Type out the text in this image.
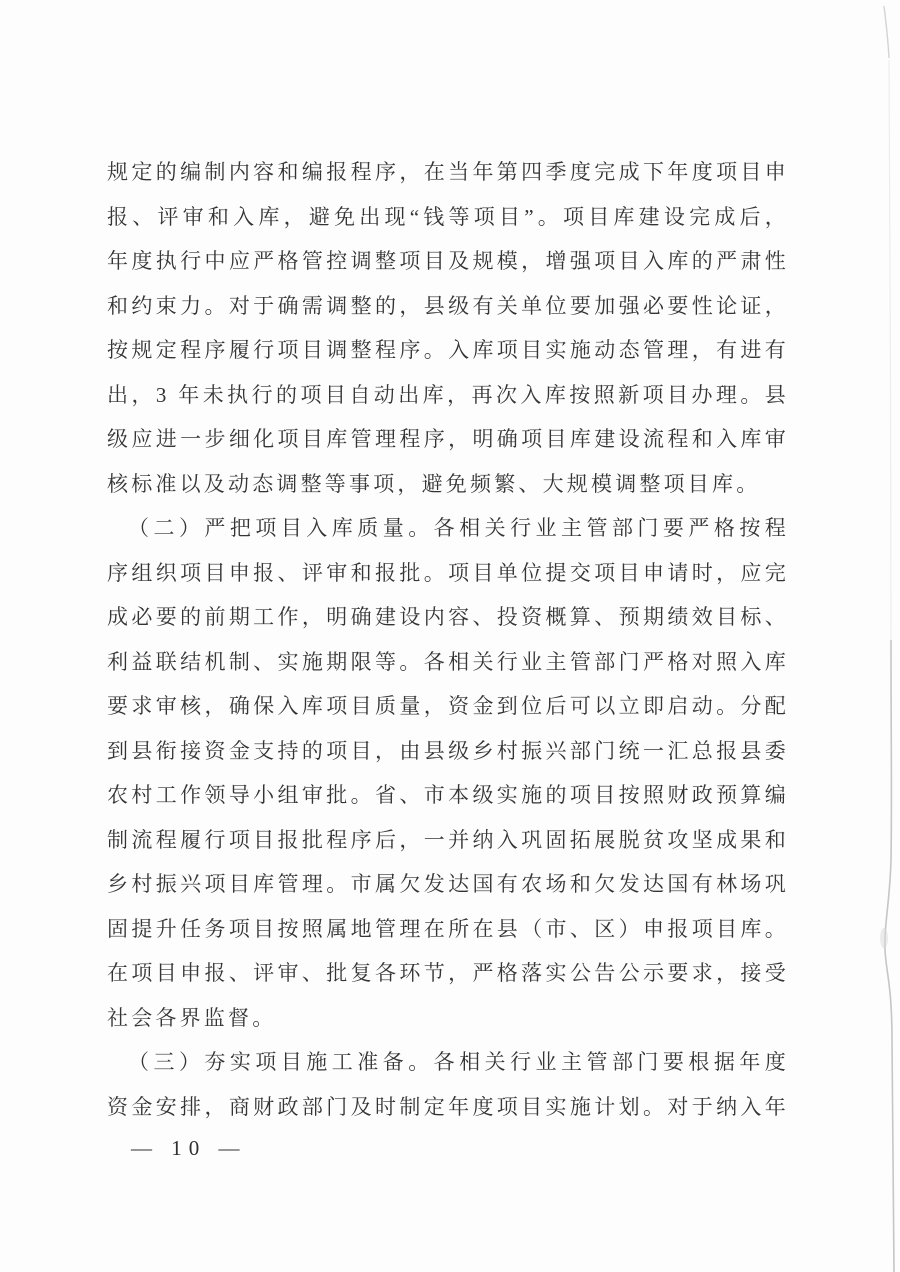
规定的编制内容和编报程序，在当年第四季度完成下年度项目申
报、评审和入库，避免出现“钱等项目”。项目库建设完成后，
年度执行中应严格管控调整项目及规模，增强项目入库的严肃性
和约束力。对于确需调整的，县级有关单位要加强必要性论证，
按规定程序履行项目调整程序。入库项目实施动态管理，有进有
出，3 年未执行的项目自动出库，再次入库按照新项目办理。县
级应进一步细化项目库管理程序，明确项目库建设流程和入库审
核标准以及动态调整等事项，避免频繁、大规模调整项目库。
（二）严把项目入库质量。各相关行业主管部门要严格按程
序组织项目申报、评审和报批。项目单位提交项目申请时，应完
成必要的前期工作，明确建设内容、投资概算、预期绩效目标、
利益联结机制、实施期限等。各相关行业主管部门严格对照入库
要求审核，确保入库项目质量，资金到位后可以立即启动。分配
到县衔接资金支持的项目，由县级乡村振兴部门统一汇总报县委
农村工作领导小组审批。省、市本级实施的项目按照财政预算编
制流程履行项目报批程序后，一并纳入巩固拓展脱贫攻坚成果和
乡村振兴项目库管理。市属欠发达国有农场和欠发达国有林场巩
固提升任务项目按照属地管理在所在县（市、区）申报项目库。
在项目申报、评审、批复各环节，严格落实公告公示要求，接受
社会各界监督。
（三）夯实项目施工准备。各相关行业主管部门要根据年度
资金安排，商财政部门及时制定年度项目实施计划。对于纳入年
— 10 —
